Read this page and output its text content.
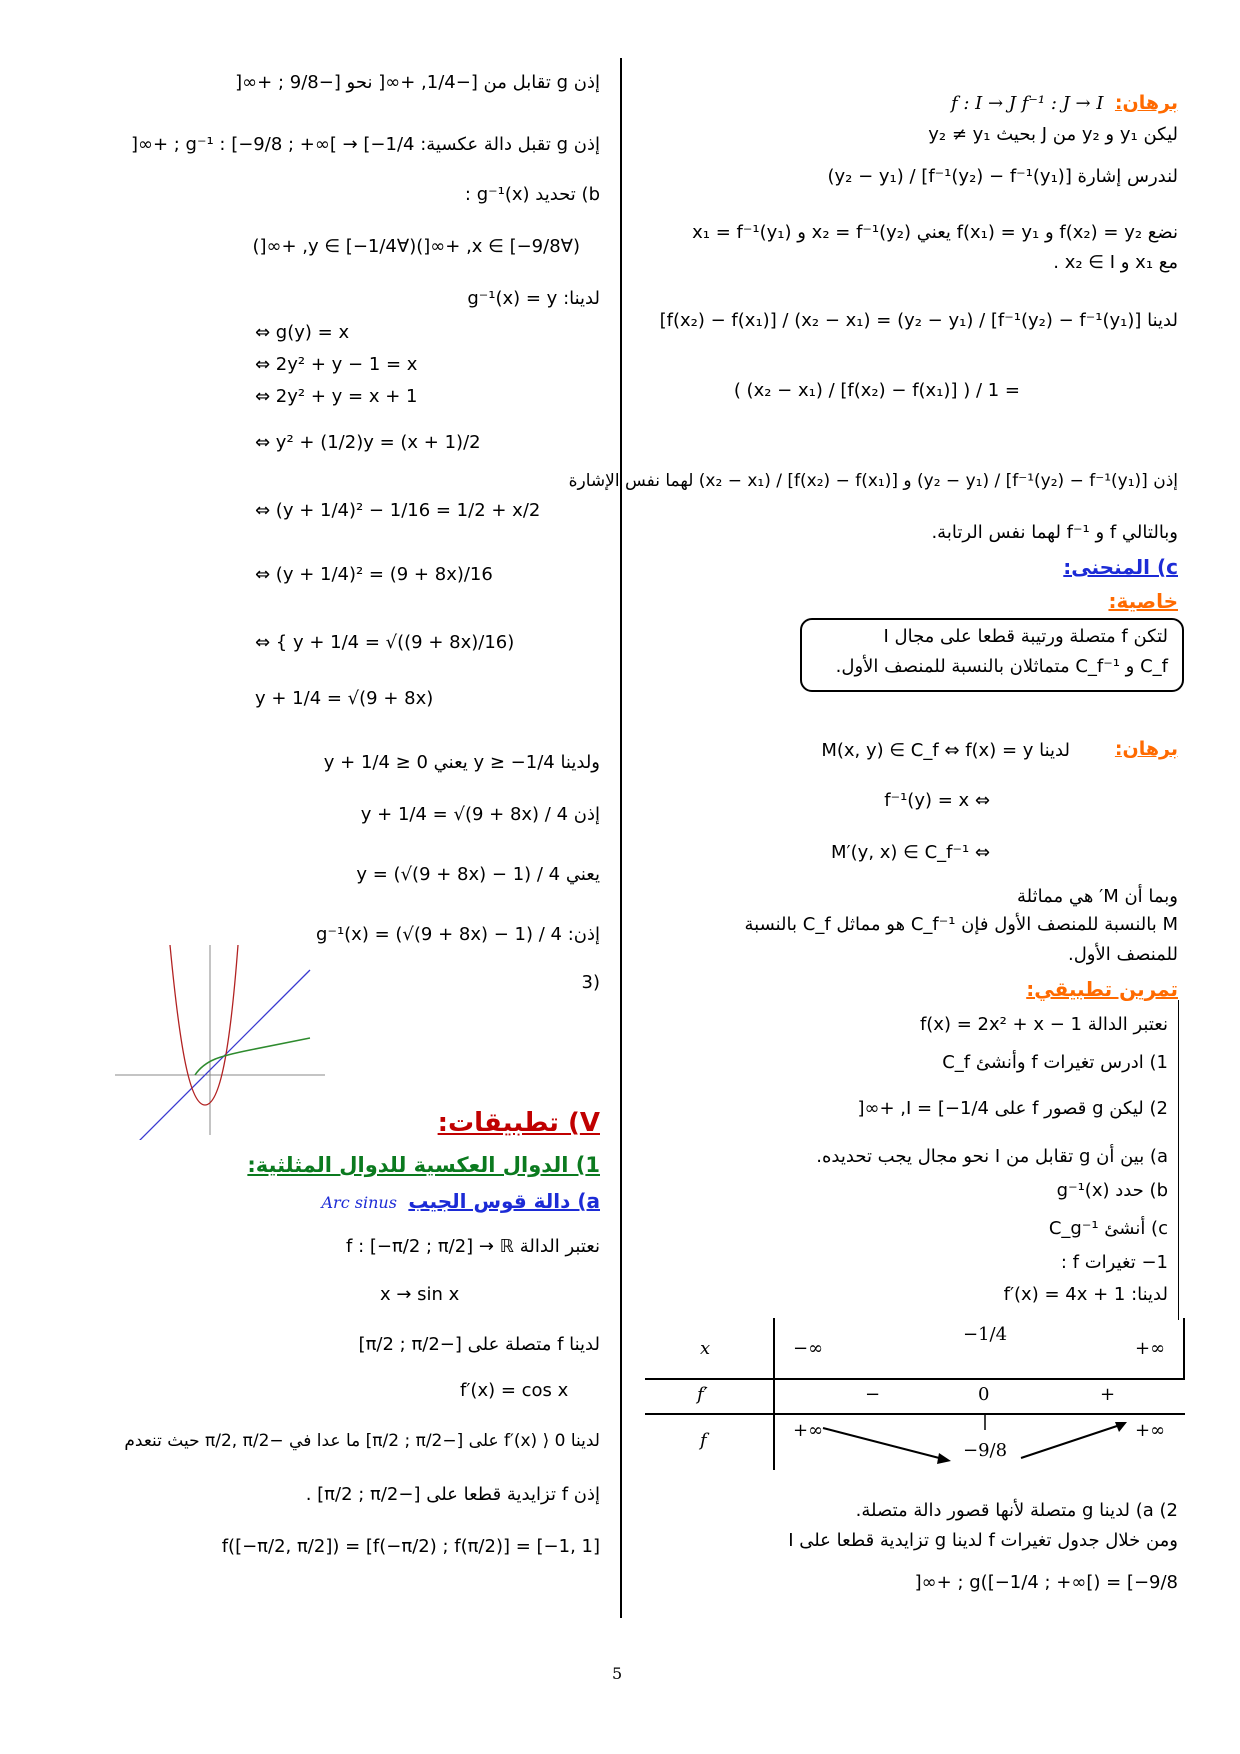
برهان:  f : I → J f⁻¹ : J → I
ليكن y₁ و y₂ من J بحيث y₂ ≠ y₁
لندرس إشارة [f⁻¹(y₂) − f⁻¹(y₁)] / (y₂ − y₁)
نضع f(x₂) = y₂ و f(x₁) = y₁ يعني x₂ = f⁻¹(y₂) و x₁ = f⁻¹(y₁)
مع x₁ و x₂ ∈ I .
لدينا [f⁻¹(y₂) − f⁻¹(y₁)] / (y₂ − y₁) = (x₂ − x₁) / [f(x₂) − f(x₁)]
= 1 / ( [f(x₂) − f(x₁)] / (x₂ − x₁) )
إذن [f⁻¹(y₂) − f⁻¹(y₁)] / (y₂ − y₁) و [f(x₂) − f(x₁)] / (x₂ − x₁) لهما نفس الإشارة
وبالتالي f و f⁻¹ لهما نفس الرتابة.
c) المنحنى:
خاصية:
لتكن f متصلة ورتيبة قطعا على مجال I
C_f و C_f⁻¹ متماثلان بالنسبة للمنصف الأول.
برهان:
لدينا M(x, y) ∈ C_f ⇔ f(x) = y
⇔ f⁻¹(y) = x
⇔ M′(y, x) ∈ C_f⁻¹
وبما أن M′ هي مماثلة
M بالنسبة للمنصف الأول فإن C_f⁻¹ هو مماثل C_f بالنسبة
للمنصف الأول.
تمرين تطبيقي:
نعتبر الدالة f(x) = 2x² + x − 1
1) ادرس تغيرات f وأنشئ C_f
2) ليكن g قصور f على I = [−1/4, +∞[
a) بين أن g تقابل من I نحو مجال يجب تحديده.
b) حدد g⁻¹(x)
c) أنشئ C_g⁻¹
1− تغيرات f :
لدينا: f′(x) = 4x + 1
x
f′
f
−∞
−1/4
+∞
−	0	+
+∞
−9/8
+∞
2) a) لدينا g متصلة لأنها قصور دالة متصلة.
ومن خلال جدول تغيرات f لدينا g تزايدية قطعا على I
g([−1/4 ; +∞[) = [−9/8 ; +∞[
إذن g تقابل من [−1/4, +∞[ نحو [−9/8 ; +∞[
إذن g تقبل دالة عكسية: g⁻¹ : [−9/8 ; +∞[ → [−1/4 ; +∞[
b) تحديد g⁻¹(x) :
(∀x ∈ [−9/8, +∞[)(∀y ∈ [−1/4, +∞[)
لدينا: g⁻¹(x) = y
⇔ g(y) = x
⇔ 2y² + y − 1 = x
⇔ 2y² + y = x + 1
⇔ y² + (1/2)y = (x + 1)/2
⇔ (y + 1/4)² − 1/16 = 1/2 + x/2
⇔ (y + 1/4)² = (9 + 8x)/16
⇔ { y + 1/4 = √((9 + 8x)/16)
y + 1/4 = √(9 + 8x)
ولدينا y ≥ −1/4 يعني y + 1/4 ≥ 0
إذن y + 1/4 = √(9 + 8x) / 4
يعني y = (√(9 + 8x) − 1) / 4
إذن: g⁻¹(x) = (√(9 + 8x) − 1) / 4
(3
V) تطبيقات:
1) الدوال العكسية للدوال المثلثية:
a) دالة قوس الجيب  Arc sinus
نعتبر الدالة f : [−π/2 ; π/2] → ℝ
x → sin x
لدينا f متصلة على [−π/2 ; π/2]
f′(x) = cos x
لدينا f′(x) ⟩ 0 على [−π/2 ; π/2] ما عدا في −π/2, π/2 حيث تنعدم
إذن f تزايدية قطعا على [−π/2 ; π/2] .
f([−π/2, π/2]) = [f(−π/2) ; f(π/2)] = [−1, 1]
5
